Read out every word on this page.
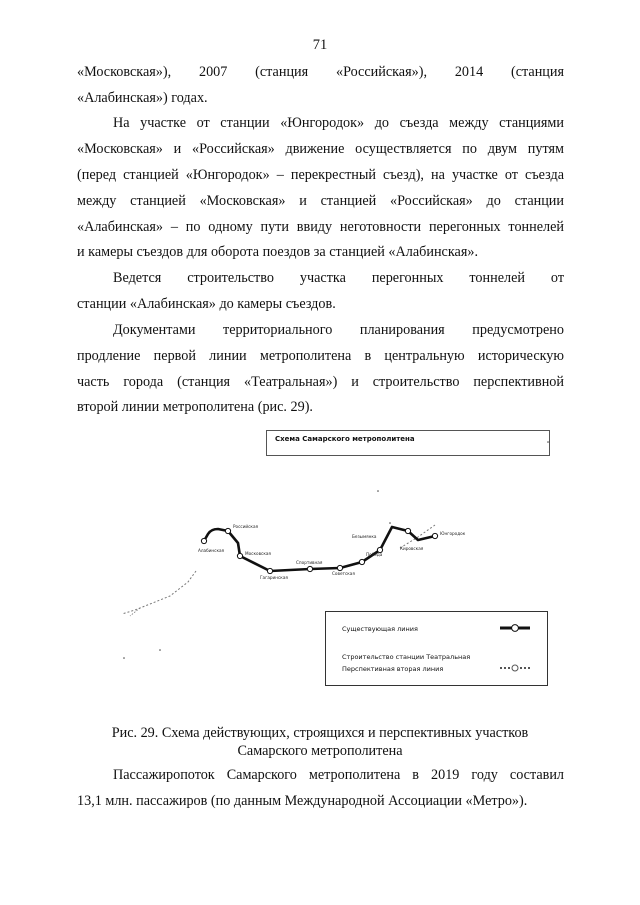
71
«Московская»), 2007 (станция «Российская»), 2014 (станция
«Алабинская») годах.
На участке от станции «Юнгородок» до съезда между станциями
«Московская» и «Российская» движение осуществляется по двум путям
(перед станцией «Юнгородок» – перекрестный съезд), на участке от съезда
между станцией «Московская» и станцией «Российская» до станции
«Алабинская» – по одному пути ввиду неготовности перегонных тоннелей
и камеры съездов для оборота поездов за станцией «Алабинская».
Ведется строительство участка перегонных тоннелей от
станции «Алабинская» до камеры съездов.
Документами территориального планирования предусмотрено
продление первой линии метрополитена в центральную историческую
часть города (станция «Театральная») и строительство перспективной
второй линии метрополитена (рис. 29).
Схема Самарского метрополитена
Алабинская
Российская
Московская
Гагаринская
Спортивная
Советская
Победа
Безымянка
Кировская
Юнгородок
Существующая линия
Строительство станции Театральная
Перспективная вторая линия
Рис. 29. Схема действующих, строящихся и перспективных участков
Самарского метрополитена
Пассажиропоток Самарского метрополитена в 2019 году составил
13,1 млн. пассажиров (по данным Международной Ассоциации «Метро»).
